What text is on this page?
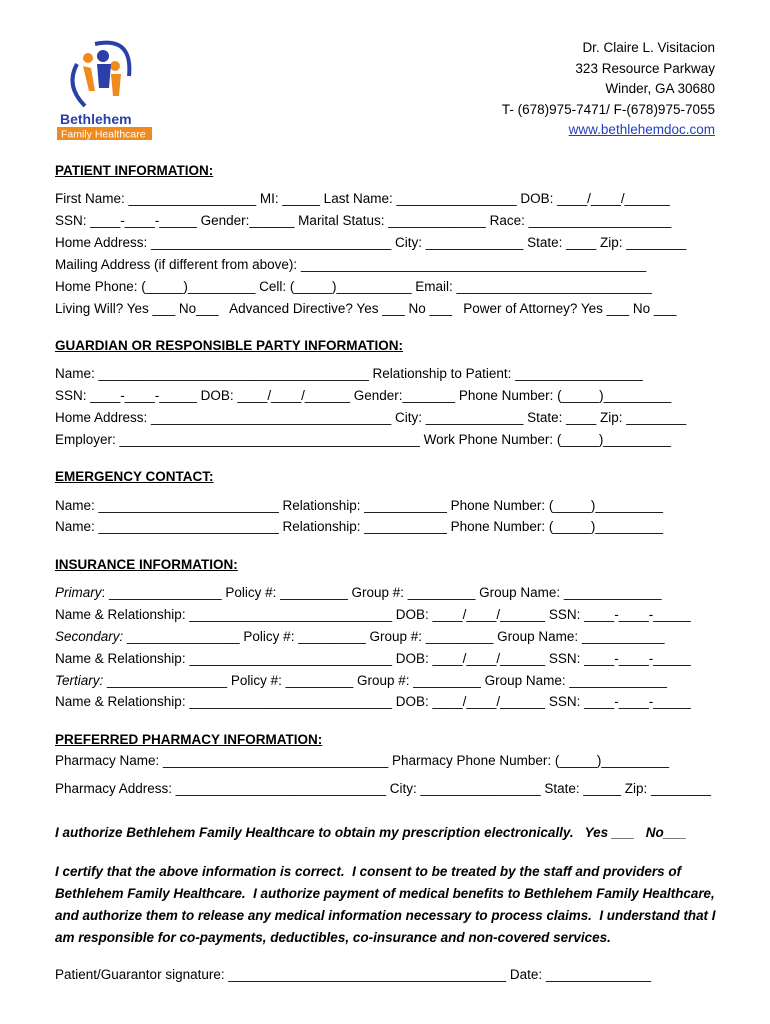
Bethlehem
Family Healthcare
Dr. Claire L. Visitacion
323 Resource Parkway
Winder, GA 30680
T- (678)975-7471/ F-(678)975-7055
www.bethlehemdoc.com
PATIENT INFORMATION:
First Name: _________________ MI: _____ Last Name: ________________ DOB: ____/____/______
SSN: ____-____-_____ Gender:______ Marital Status: _____________ Race: ___________________
Home Address: ________________________________ City: _____________ State: ____ Zip: ________
Mailing Address (if different from above): ______________________________________________
Home Phone: (_____)_________ Cell: (_____)__________ Email: __________________________
Living Will? Yes ___ No___   Advanced Directive? Yes ___ No ___   Power of Attorney? Yes ___ No ___
GUARDIAN OR RESPONSIBLE PARTY INFORMATION:
Name: ____________________________________ Relationship to Patient: _________________
SSN: ____-____-_____ DOB: ____/____/______ Gender:_______ Phone Number: (_____)_________
Home Address: ________________________________ City: _____________ State: ____ Zip: ________
Employer: ________________________________________ Work Phone Number: (_____)_________
EMERGENCY CONTACT:
Name: ________________________ Relationship: ___________ Phone Number: (_____)_________
Name: ________________________ Relationship: ___________ Phone Number: (_____)_________
INSURANCE INFORMATION:
Primary: _______________ Policy #: _________ Group #: _________ Group Name: _____________
Name & Relationship: ___________________________ DOB: ____/____/______ SSN: ____-____-_____
Secondary: _______________ Policy #: _________ Group #: _________ Group Name: ___________
Name & Relationship: ___________________________ DOB: ____/____/______ SSN: ____-____-_____
Tertiary: ________________ Policy #: _________ Group #: _________ Group Name: _____________
Name & Relationship: ___________________________ DOB: ____/____/______ SSN: ____-____-_____
PREFERRED PHARMACY INFORMATION:
Pharmacy Name: ______________________________ Pharmacy Phone Number: (_____)_________
Pharmacy Address: ____________________________ City: ________________ State: _____ Zip: ________
I authorize Bethlehem Family Healthcare to obtain my prescription electronically.   Yes ___   No___
I certify that the above information is correct.  I consent to be treated by the staff and providers of
Bethlehem Family Healthcare.  I authorize payment of medical benefits to Bethlehem Family Healthcare,
and authorize them to release any medical information necessary to process claims.  I understand that I
am responsible for co-payments, deductibles, co-insurance and non-covered services.
Patient/Guarantor signature: _____________________________________ Date: ______________
